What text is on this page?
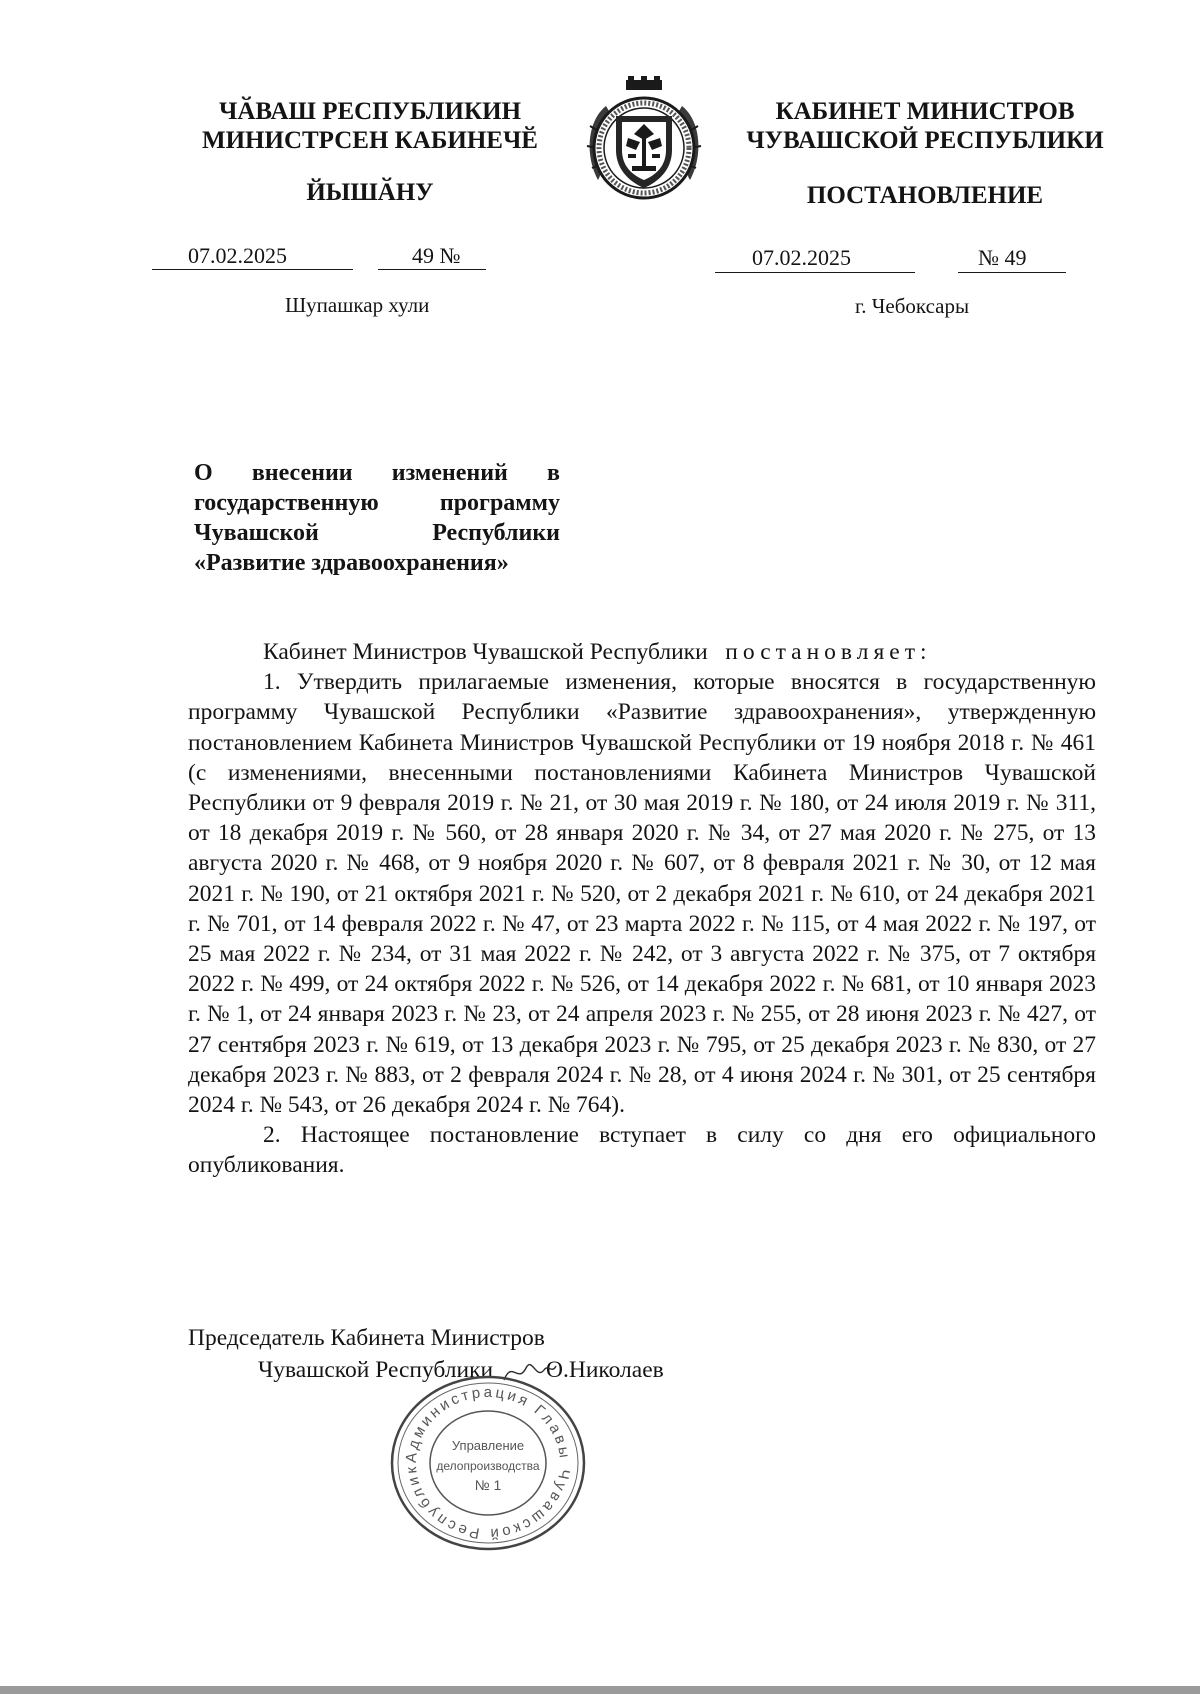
ЧӐВАШ РЕСПУБЛИКИН
МИНИСТРСЕН КАБИНЕЧӖ
ЙЫШӐНУ
КАБИНЕТ МИНИСТРОВ
ЧУВАШСКОЙ РЕСПУБЛИКИ
ПОСТАНОВЛЕНИЕ
07.02.2025	49 №	07.02.2025	№ 49
Шупашкар хули	г. Чебоксары
О внесении изменений в государственную программу Чувашской Республики «Развитие здравоохранения»

Кабинет Министров Чувашской Республики постановляет:

1. Утвердить прилагаемые изменения, которые вносятся в государственную программу Чувашской Республики «Развитие здравоохранения», утвержденную постановлением Кабинета Министров Чувашской Республики от 19 ноября 2018 г. № 461 (с изменениями, внесенными постановлениями Кабинета Министров Чувашской Республики от 9 февраля 2019 г. № 21, от 30 мая 2019 г. № 180, от 24 июля 2019 г. № 311, от 18 декабря 2019 г. № 560, от 28 января 2020 г. № 34, от 27 мая 2020 г. № 275, от 13 августа 2020 г. № 468, от 9 ноября 2020 г. № 607, от 8 февраля 2021 г. № 30, от 12 мая 2021 г. № 190, от 21 октября 2021 г. № 520, от 2 декабря 2021 г. № 610, от 24 декабря 2021 г. № 701, от 14 февраля 2022 г. № 47, от 23 марта 2022 г. № 115, от 4 мая 2022 г. № 197, от 25 мая 2022 г. № 234, от 31 мая 2022 г. № 242, от 3 августа 2022 г. № 375, от 7 октября 2022 г. № 499, от 24 октября 2022 г. № 526, от 14 декабря 2022 г. № 681, от 10 января 2023 г. № 1, от 24 января 2023 г. № 23, от 24 апреля 2023 г. № 255, от 28 июня 2023 г. № 427, от 27 сентября 2023 г. № 619, от 13 декабря 2023 г. № 795, от 25 декабря 2023 г. № 830, от 27 декабря 2023 г. № 883, от 2 февраля 2024 г. № 28, от 4 июня 2024 г. № 301, от 25 сентября 2024 г. № 543, от 26 декабря 2024 г. № 764).

2. Настоящее постановление вступает в силу со дня его официального опубликования.

Председатель Кабинета Министров
Чувашской Республики О.Николаев
Администрация Главы Чувашской Республик
Управление
делопроизводства
№ 1
